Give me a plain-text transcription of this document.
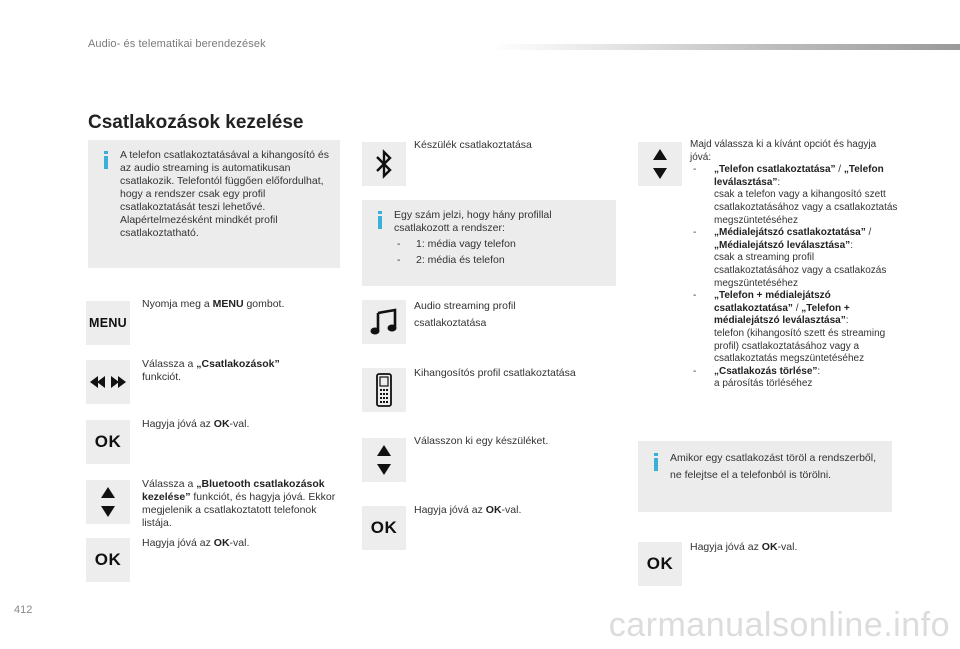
Audio- és telematikai berendezések
Csatlakozások kezelése
A telefon csatlakoztatásával a kihangosító és az audio streaming is automatikusan csatlakozik. Telefontól függően előfordulhat, hogy a rendszer csak egy profil csatlakoztatását teszi lehetővé. Alapértelmezésként mindkét profil csatlakoztatható.
MENU
Nyomja meg a MENU gombot.
Válassza a „Csatlakozások”
funkciót.
OK
Hagyja jóvá az OK-val.
Válassza a „Bluetooth csatlakozások kezelése” funkciót, és hagyja jóvá. Ekkor megjelenik a csatlakoztatott telefonok listája.
OK
Hagyja jóvá az OK-val.
Készülék csatlakoztatása
Egy szám jelzi, hogy hány profillal csatlakozott a rendszer:
- 1: média vagy telefon
- 2: média és telefon
Audio streaming profil csatlakoztatása
Kihangosítós profil csatlakoztatása
Válasszon ki egy készüléket.
OK
Hagyja jóvá az OK-val.
Majd válassza ki a kívánt opciót és hagyja jóvá:
- „Telefon csatlakoztatása” / „Telefon leválasztása”:
csak a telefon vagy a kihangosító szett csatlakoztatásához vagy a csatlakoztatás megszüntetéséhez
- „Médialejátszó csatlakoztatása” / „Médialejátszó leválasztása”:
csak a streaming profil csatlakoztatásához vagy a csatlakozás megszüntetéséhez
- „Telefon + médialejátszó csatlakoztatása” / „Telefon + médialejátszó leválasztása”:
telefon (kihangosító szett és streaming profil) csatlakoztatásához vagy a csatlakoztatás megszüntetéséhez
- „Csatlakozás törlése”:
a párosítás törléséhez
Amikor egy csatlakozást töröl a rendszerből, ne felejtse el a telefonból is törölni.
OK
Hagyja jóvá az OK-val.
412	carmanualsonline.info
